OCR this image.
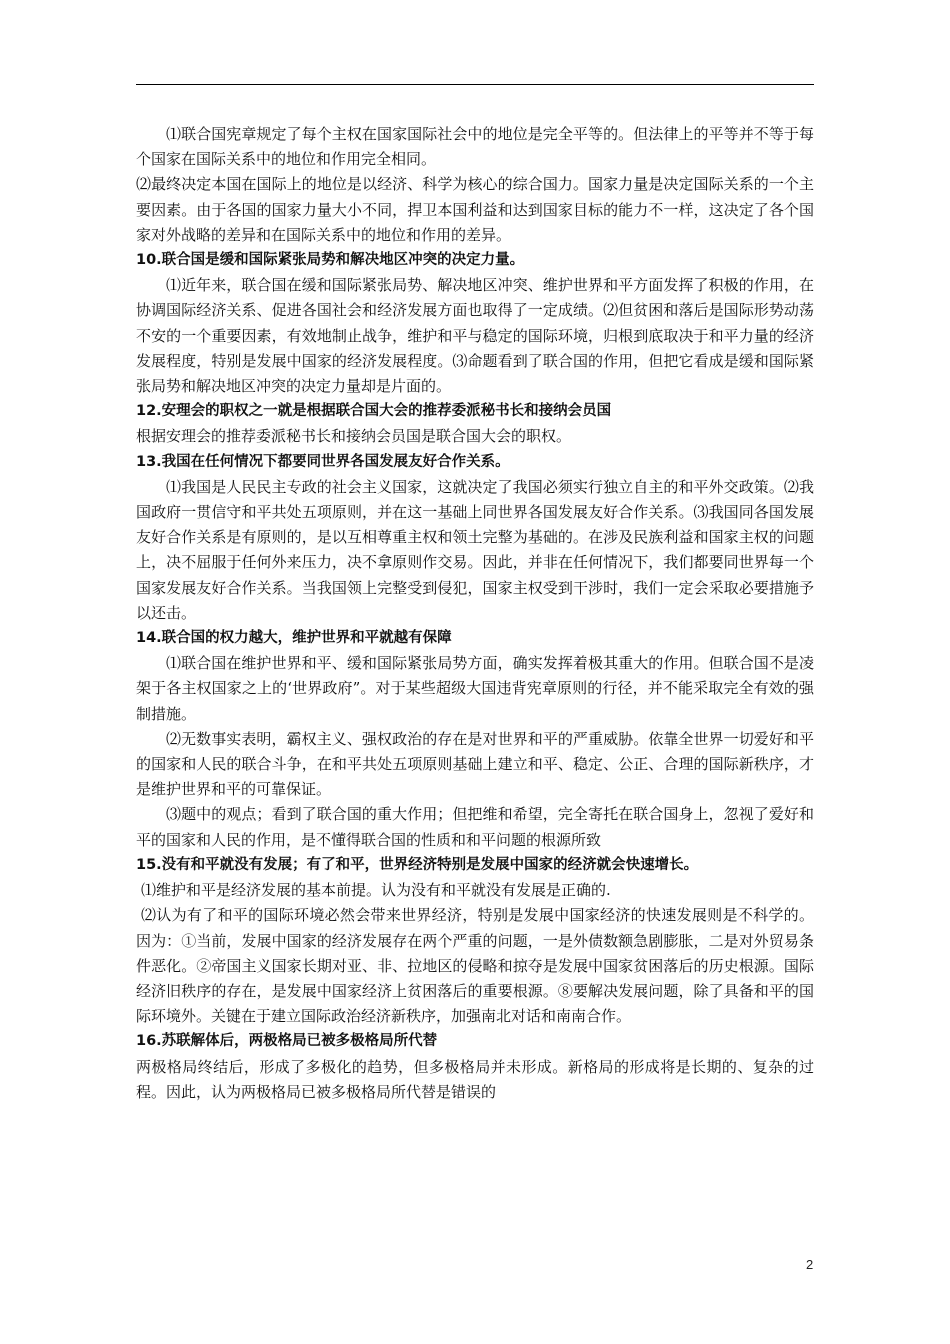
⑴联合国宪章规定了每个主权在国家国际社会中的地位是完全平等的。但法律上的平等并不等于每个国家在国际关系中的地位和作用完全相同。

⑵最终决定本国在国际上的地位是以经济、科学为核心的综合国力。国家力量是决定国际关系的一个主要因素。由于各国的国家力量大小不同，捍卫本国利益和达到国家目标的能力不一样，这决定了各个国家对外战略的差异和在国际关系中的地位和作用的差异。

10.联合国是缓和国际紧张局势和解决地区冲突的决定力量。

⑴近年来，联合国在缓和国际紧张局势、解决地区冲突、维护世界和平方面发挥了积极的作用，在协调国际经济关系、促进各国社会和经济发展方面也取得了一定成绩。⑵但贫困和落后是国际形势动荡不安的一个重要因素，有效地制止战争，维护和平与稳定的国际环境，归根到底取决于和平力量的经济发展程度，特别是发展中国家的经济发展程度。⑶命题看到了联合国的作用，但把它看成是缓和国际紧张局势和解决地区冲突的决定力量却是片面的。

12.安理会的职权之一就是根据联合国大会的推荐委派秘书长和接纳会员国

根据安理会的推荐委派秘书长和接纳会员国是联合国大会的职权。

13.我国在任何情况下都要同世界各国发展友好合作关系。

⑴我国是人民民主专政的社会主义国家，这就决定了我国必须实行独立自主的和平外交政策。⑵我国政府一贯信守和平共处五项原则，并在这一基础上同世界各国发展友好合作关系。⑶我国同各国发展友好合作关系是有原则的，是以互相尊重主权和领土完整为基础的。在涉及民族利益和国家主权的问题上，决不屈服于任何外来压力，决不拿原则作交易。因此，并非在任何情况下，我们都要同世界每一个国家发展友好合作关系。当我国领上完整受到侵犯，国家主权受到干涉时，我们一定会采取必要措施予以还击。

14.联合国的权力越大，维护世界和平就越有保障

⑴联合国在维护世界和平、缓和国际紧张局势方面，确实发挥着极其重大的作用。但联合国不是凌架于各主权国家之上的‘世界政府”。对于某些超级大国违背宪章原则的行径，并不能采取完全有效的强制措施。

⑵无数事实表明，霸权主义、强权政治的存在是对世界和平的严重威胁。依靠全世界一切爱好和平的国家和人民的联合斗争，在和平共处五项原则基础上建立和平、稳定、公正、合理的国际新秩序，才是维护世界和平的可靠保证。

⑶题中的观点；看到了联合国的重大作用；但把维和希望，完全寄托在联合国身上，忽视了爱好和平的国家和人民的作用，是不懂得联合国的性质和和平问题的根源所致

15.没有和平就没有发展；有了和平，世界经济特别是发展中国家的经济就会快速增长。

⑴维护和平是经济发展的基本前提。认为没有和平就没有发展是正确的.

⑵认为有了和平的国际环境必然会带来世界经济，特别是发展中国家经济的快速发展则是不科学的。因为：①当前，发展中国家的经济发展存在两个严重的问题，一是外债数额急剧膨胀，二是对外贸易条件恶化。②帝国主义国家长期对亚、非、拉地区的侵略和掠夺是发展中国家贫困落后的历史根源。国际经济旧秩序的存在，是发展中国家经济上贫困落后的重要根源。⑧要解决发展问题，除了具备和平的国际环境外。关键在于建立国际政治经济新秩序，加强南北对话和南南合作。

16.苏联解体后，两极格局已被多极格局所代替

两极格局终结后，形成了多极化的趋势，但多极格局并未形成。新格局的形成将是长期的、复杂的过程。因此，认为两极格局已被多极格局所代替是错误的

2
